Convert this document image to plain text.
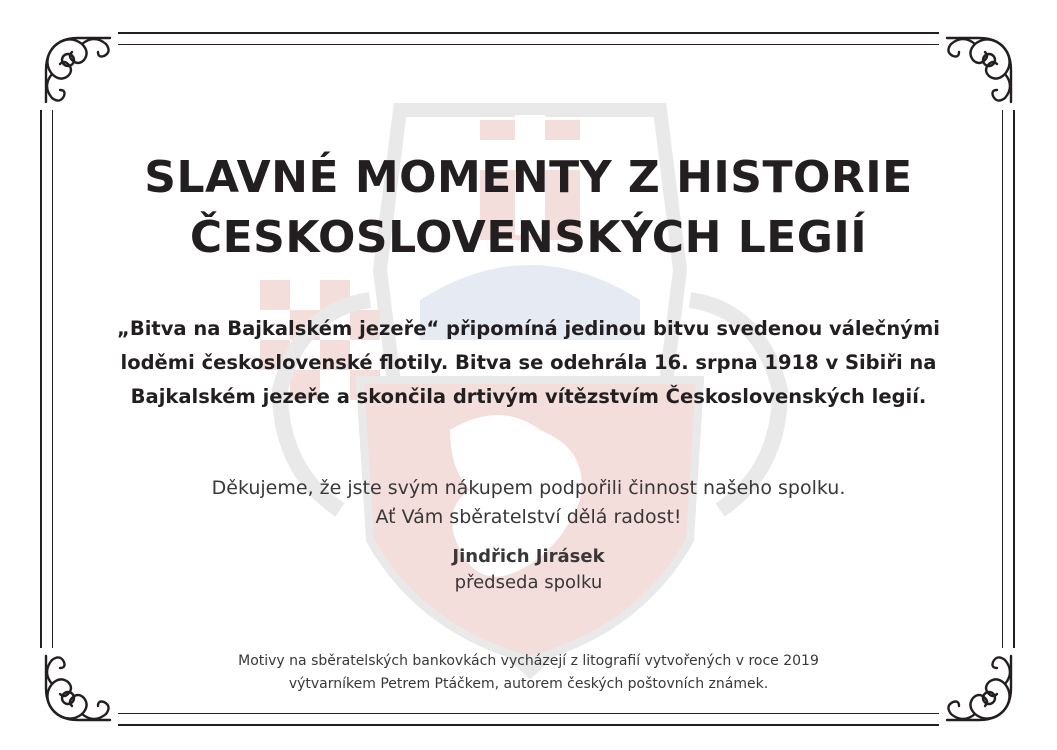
SLAVNÉ MOMENTY Z HISTORIE
ČESKOSLOVENSKÝCH LEGIÍ

„Bitva na Bajkalském jezeře“ připomíná jedinou bitvu svedenou válečnými loděmi československé flotily. Bitva se odehrála 16. srpna 1918 v Sibiři na Bajkalském jezeře a skončila drtivým vítězstvím Československých legií.

Děkujeme, že jste svým nákupem podpořili činnost našeho spolku.
Ať Vám sběratelství dělá radost!
Jindřich Jirásek
předseda spolku
Motivy na sběratelských bankovkách vycházejí z litografií vytvořených v roce 2019
výtvarníkem Petrem Ptáčkem, autorem českých poštovních známek.
